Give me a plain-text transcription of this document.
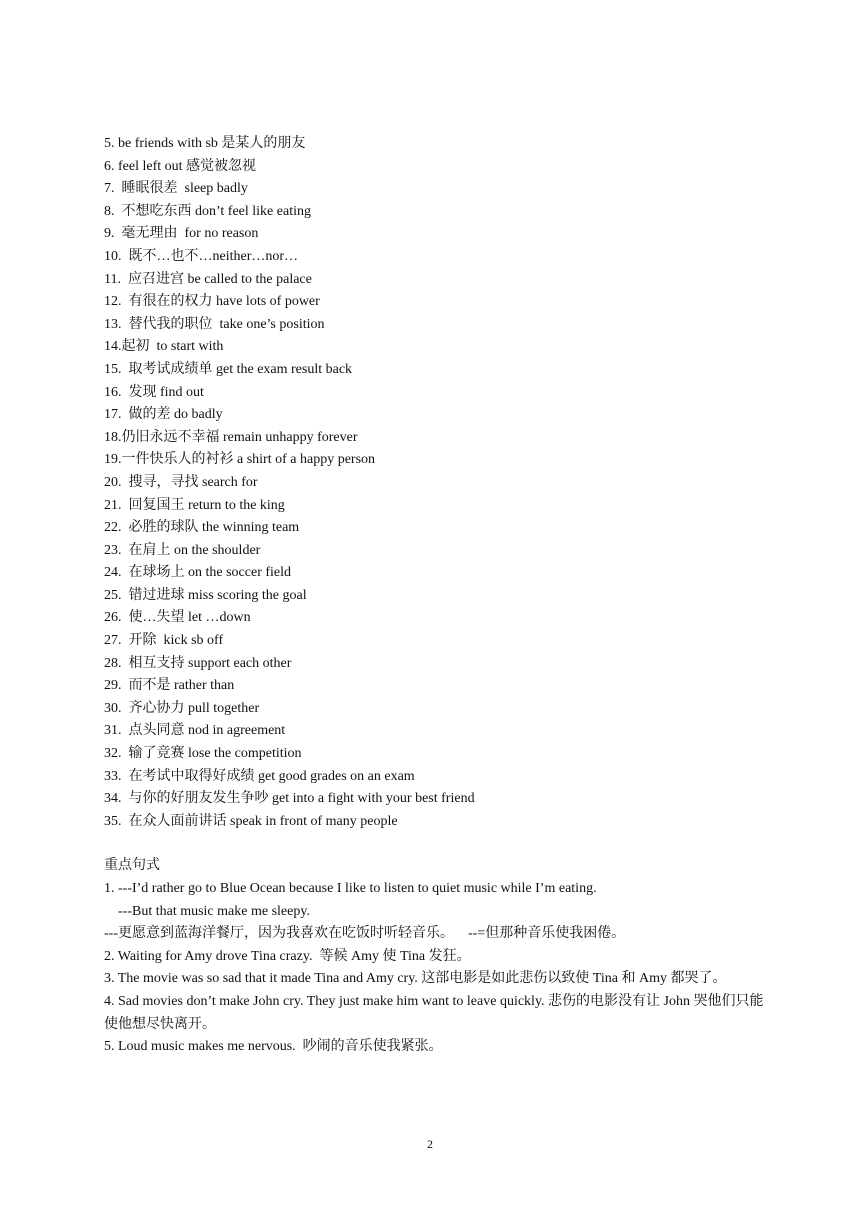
5. be friends with sb 是某人的朋友
6. feel left out 感觉被忽视
7.  睡眠很差  sleep badly
8.  不想吃东西 don’t feel like eating
9.  毫无理由  for no reason
10.  既不…也不…neither…nor…
11.  应召进宫 be called to the palace
12.  有很在的权力 have lots of power
13.  替代我的职位  take one’s position
14.起初  to start with
15.  取考试成绩单 get the exam result back
16.  发现 find out
17.  做的差 do badly
18.仍旧永远不幸福 remain unhappy forever
19.一件快乐人的衬衫 a shirt of a happy person
20.  搜寻，寻找 search for
21.  回复国王 return to the king
22.  必胜的球队 the winning team
23.  在肩上 on the shoulder
24.  在球场上 on the soccer field
25.  错过进球 miss scoring the goal
26.  使…失望 let …down
27.  开除  kick sb off
28.  相互支持 support each other
29.  而不是 rather than
30.  齐心协力 pull together
31.  点头同意 nod in agreement
32.  输了竞赛 lose the competition
33.  在考试中取得好成绩 get good grades on an exam
34.  与你的好朋友发生争吵 get into a fight with your best friend
35.  在众人面前讲话 speak in front of many people
重点句式
1. ---I’d rather go to Blue Ocean because I like to listen to quiet music while I’m eating.
---But that music make me sleepy.
---更愿意到蓝海洋餐厅，因为我喜欢在吃饭时听轻音乐。    --=但那种音乐使我困倦。
2. Waiting for Amy drove Tina crazy.  等候 Amy 使 Tina 发狂。
3. The movie was so sad that it made Tina and Amy cry. 这部电影是如此悲伤以致使 Tina 和 Amy 都哭了。
4. Sad movies don’t make John cry. They just make him want to leave quickly. 悲伤的电影没有让 John 哭他们只能使他想尽快离开。
5. Loud music makes me nervous.  吵闹的音乐使我紧张。
2
